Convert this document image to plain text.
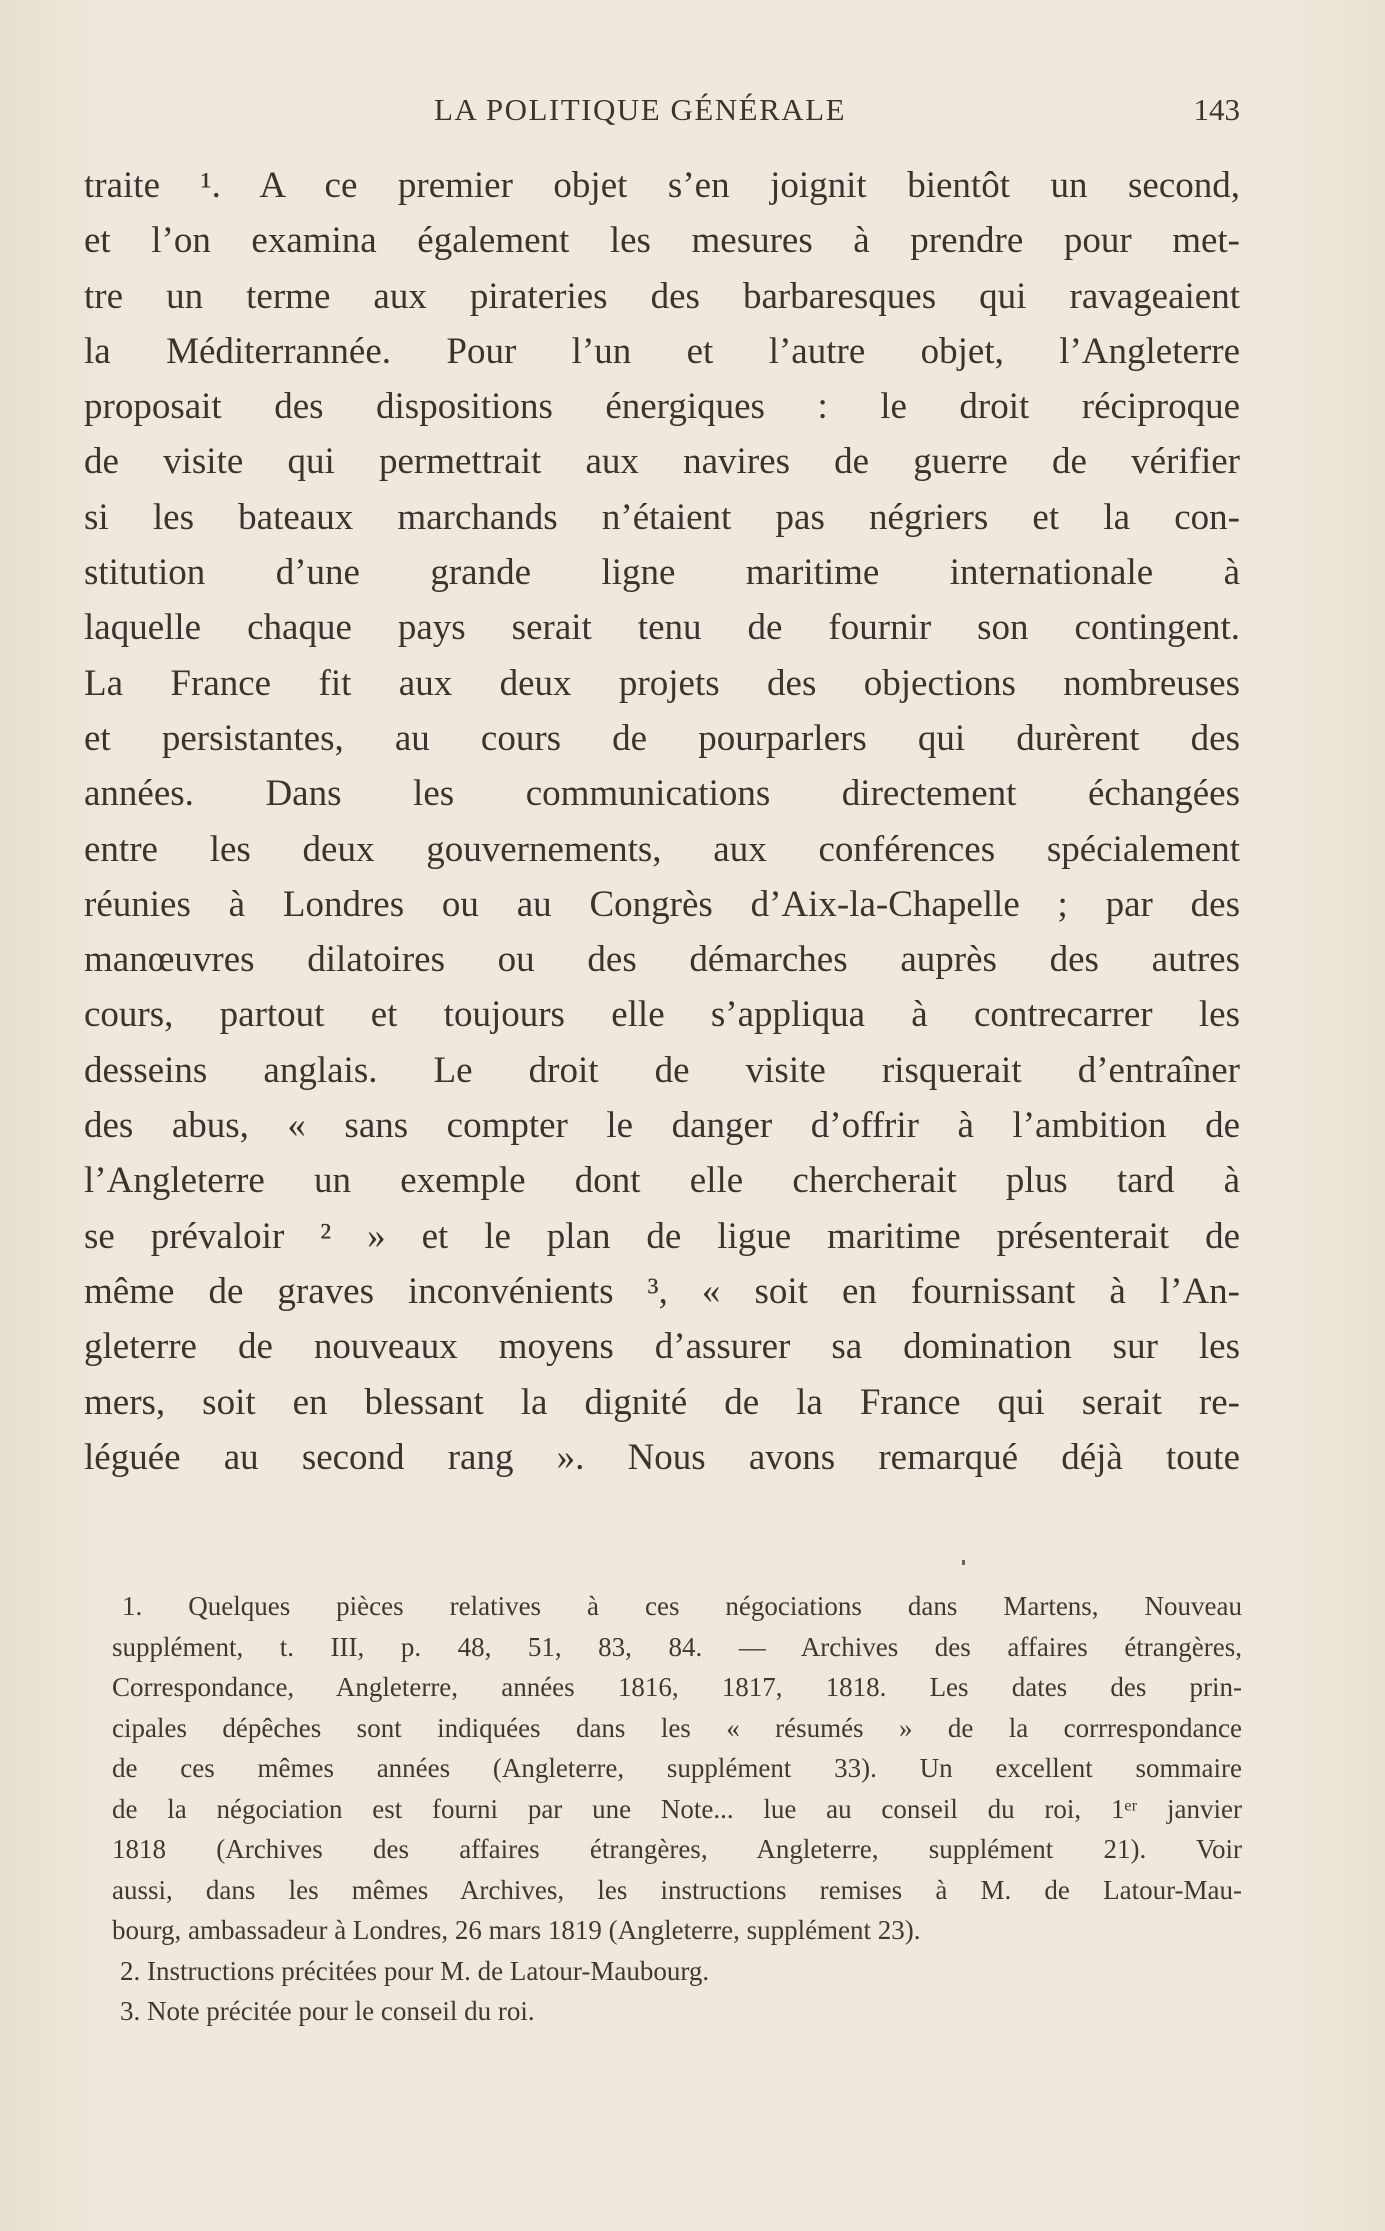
LA POLITIQUE GÉNÉRALE	143
traite ¹. A ce premier objet s’en joignit bientôt un second,
et l’on examina également les mesures à prendre pour met-
tre un terme aux pirateries des barbaresques qui ravageaient
la Méditerrannée. Pour l’un et l’autre objet, l’Angleterre
proposait des dispositions énergiques : le droit réciproque
de visite qui permettrait aux navires de guerre de vérifier
si les bateaux marchands n’étaient pas négriers et la con-
stitution d’une grande ligne maritime internationale à
laquelle chaque pays serait tenu de fournir son contingent.
La France fit aux deux projets des objections nombreuses
et persistantes, au cours de pourparlers qui durèrent des
années. Dans les communications directement échangées
entre les deux gouvernements, aux conférences spécialement
réunies à Londres ou au Congrès d’Aix-la-Chapelle ; par des
manœuvres dilatoires ou des démarches auprès des autres
cours, partout et toujours elle s’appliqua à contrecarrer les
desseins anglais. Le droit de visite risquerait d’entraîner
des abus, « sans compter le danger d’offrir à l’ambition de
l’Angleterre un exemple dont elle chercherait plus tard à
se prévaloir ² » et le plan de ligue maritime présenterait de
même de graves inconvénients ³, « soit en fournissant à l’An-
gleterre de nouveaux moyens d’assurer sa domination sur les
mers, soit en blessant la dignité de la France qui serait re-
léguée au second rang ». Nous avons remarqué déjà toute
1. Quelques pièces relatives à ces négociations dans Martens, Nouveau
supplément, t. III, p. 48, 51, 83, 84. — Archives des affaires étrangères,
Correspondance, Angleterre, années 1816, 1817, 1818. Les dates des prin-
cipales dépêches sont indiquées dans les « résumés » de la corrrespondance
de ces mêmes années (Angleterre, supplément 33). Un excellent sommaire
de la négociation est fourni par une Note... lue au conseil du roi, 1ᵉʳ janvier
1818 (Archives des affaires étrangères, Angleterre, supplément 21). Voir
aussi, dans les mêmes Archives, les instructions remises à M. de Latour-Mau-
bourg, ambassadeur à Londres, 26 mars 1819 (Angleterre, supplément 23).
2. Instructions précitées pour M. de Latour-Maubourg.
3. Note précitée pour le conseil du roi.
